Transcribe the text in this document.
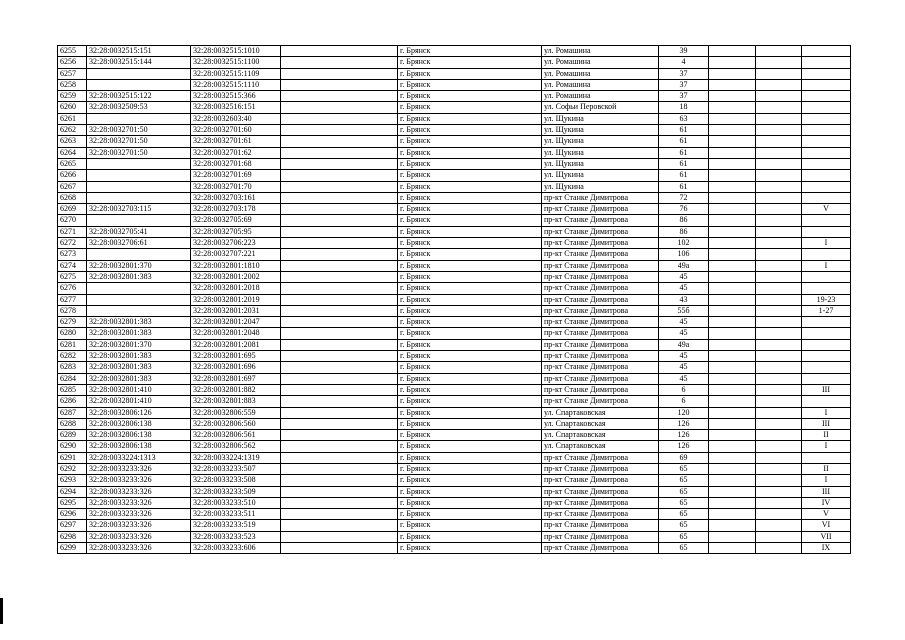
6255	32:28:0032515:151	32:28:0032515:1010		г. Брянск	ул. Ромашина	39			
6256	32:28:0032515:144	32:28:0032515:1100		г. Брянск	ул. Ромашина	4			
6257		32:28:0032515:1109		г. Брянск	ул. Ромашина	37			
6258		32:28:0032515:1110		г. Брянск	ул. Ромашина	37			
6259	32:28:0032515:122	32:28:0032515:366		г. Брянск	ул. Ромашина	37			
6260	32:28:0032509:53	32:28:0032516:151		г. Брянск	ул. Софьи Перовской	18			
6261		32:28:0032603:40		г. Брянск	ул. Щукина	63			
6262	32:28:0032701:50	32:28:0032701:60		г. Брянск	ул. Щукина	61			
6263	32:28:0032701:50	32:28:0032701:61		г. Брянск	ул. Щукина	61			
6264	32:28:0032701:50	32:28:0032701:62		г. Брянск	ул. Щукина	61			
6265		32:28:0032701:68		г. Брянск	ул. Щукина	61			
6266		32:28:0032701:69		г. Брянск	ул. Щукина	61			
6267		32:28:0032701:70		г. Брянск	ул. Щукина	61			
6268		32:28:0032703:161		г. Брянск	пр-кт Станке Димитрова	72			
6269	32:28:0032703:115	32:28:0032703:178		г. Брянск	пр-кт Станке Димитрова	76			V
6270		32:28:0032705:69		г. Брянск	пр-кт Станке Димитрова	86			
6271	32:28:0032705:41	32:28:0032705:95		г. Брянск	пр-кт Станке Димитрова	86			
6272	32:28:0032706:61	32:28:0032706:223		г. Брянск	пр-кт Станке Димитрова	102			I
6273		32:28:0032707:221		г. Брянск	пр-кт Станке Димитрова	106			
6274	32:28:0032801:370	32:28:0032801:1810		г. Брянск	пр-кт Станке Димитрова	49а			I
6275	32:28:0032801:383	32:28:0032801:2002		г. Брянск	пр-кт Станке Димитрова	45			
6276		32:28:0032801:2018		г. Брянск	пр-кт Станке Димитрова	45			
6277		32:28:0032801:2019		г. Брянск	пр-кт Станке Димитрова	43			19-23
6278		32:28:0032801:2031		г. Брянск	пр-кт Станке Димитрова	55б			1-27
6279	32:28:0032801:383	32:28:0032801:2047		г. Брянск	пр-кт Станке Димитрова	45			
6280	32:28:0032801:383	32:28:0032801:2048		г. Брянск	пр-кт Станке Димитрова	45			
6281	32:28:0032801:370	32:28:0032801:2081		г. Брянск	пр-кт Станке Димитрова	49а			
6282	32:28:0032801:383	32:28:0032801:695		г. Брянск	пр-кт Станке Димитрова	45			
6283	32:28:0032801:383	32:28:0032801:696		г. Брянск	пр-кт Станке Димитрова	45			
6284	32:28:0032801:383	32:28:0032801:697		г. Брянск	пр-кт Станке Димитрова	45			
6285	32:28:0032801:410	32:28:0032801:882		г. Брянск	пр-кт Станке Димитрова	6			III
6286	32:28:0032801:410	32:28:0032801:883		г. Брянск	пр-кт Станке Димитрова	6			
6287	32:28:0032806:126	32:28:0032806:559		г. Брянск	ул. Спартаковская	120			I
6288	32:28:0032806:138	32:28:0032806:560		г. Брянск	ул. Спартаковская	126			III
6289	32:28:0032806:138	32:28:0032806:561		г. Брянск	ул. Спартаковская	126			II
6290	32:28:0032806:138	32:28:0032806:562		г. Брянск	ул. Спартаковская	126			I
6291	32:28:0033224:1313	32:28:0033224:1319		г. Брянск	пр-кт Станке Димитрова	69			
6292	32:28:0033233:326	32:28:0033233:507		г. Брянск	пр-кт Станке Димитрова	65			II
6293	32:28:0033233:326	32:28:0033233:508		г. Брянск	пр-кт Станке Димитрова	65			I
6294	32:28:0033233:326	32:28:0033233:509		г. Брянск	пр-кт Станке Димитрова	65			III
6295	32:28:0033233:326	32:28:0033233:510		г. Брянск	пр-кт Станке Димитрова	65			IV
6296	32:28:0033233:326	32:28:0033233:511		г. Брянск	пр-кт Станке Димитрова	65			V
6297	32:28:0033233:326	32:28:0033233:519		г. Брянск	пр-кт Станке Димитрова	65			VI
6298	32:28:0033233:326	32:28:0033233:523		г. Брянск	пр-кт Станке Димитрова	65			VII
6299	32:28:0033233:326	32:28:0033233:606		г. Брянск	пр-кт Станке Димитрова	65			IX
